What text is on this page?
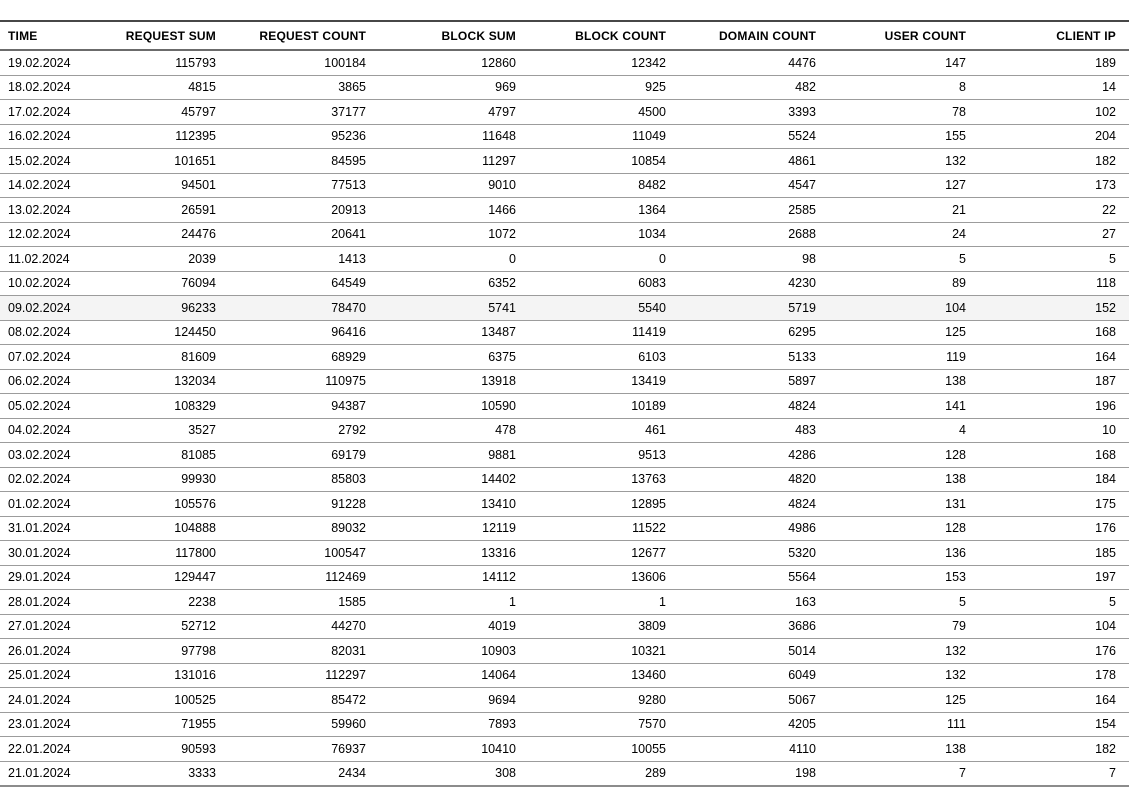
TIME	REQUEST SUM	REQUEST COUNT	BLOCK SUM	BLOCK COUNT	DOMAIN COUNT	USER COUNT	CLIENT IP
19.02.2024	115793	100184	12860	12342	4476	147	189
18.02.2024	4815	3865	969	925	482	8	14
17.02.2024	45797	37177	4797	4500	3393	78	102
16.02.2024	112395	95236	11648	11049	5524	155	204
15.02.2024	101651	84595	11297	10854	4861	132	182
14.02.2024	94501	77513	9010	8482	4547	127	173
13.02.2024	26591	20913	1466	1364	2585	21	22
12.02.2024	24476	20641	1072	1034	2688	24	27
11.02.2024	2039	1413	0	0	98	5	5
10.02.2024	76094	64549	6352	6083	4230	89	118
09.02.2024	96233	78470	5741	5540	5719	104	152
08.02.2024	124450	96416	13487	11419	6295	125	168
07.02.2024	81609	68929	6375	6103	5133	119	164
06.02.2024	132034	110975	13918	13419	5897	138	187
05.02.2024	108329	94387	10590	10189	4824	141	196
04.02.2024	3527	2792	478	461	483	4	10
03.02.2024	81085	69179	9881	9513	4286	128	168
02.02.2024	99930	85803	14402	13763	4820	138	184
01.02.2024	105576	91228	13410	12895	4824	131	175
31.01.2024	104888	89032	12119	11522	4986	128	176
30.01.2024	117800	100547	13316	12677	5320	136	185
29.01.2024	129447	112469	14112	13606	5564	153	197
28.01.2024	2238	1585	1	1	163	5	5
27.01.2024	52712	44270	4019	3809	3686	79	104
26.01.2024	97798	82031	10903	10321	5014	132	176
25.01.2024	131016	112297	14064	13460	6049	132	178
24.01.2024	100525	85472	9694	9280	5067	125	164
23.01.2024	71955	59960	7893	7570	4205	111	154
22.01.2024	90593	76937	10410	10055	4110	138	182
21.01.2024	3333	2434	308	289	198	7	7
